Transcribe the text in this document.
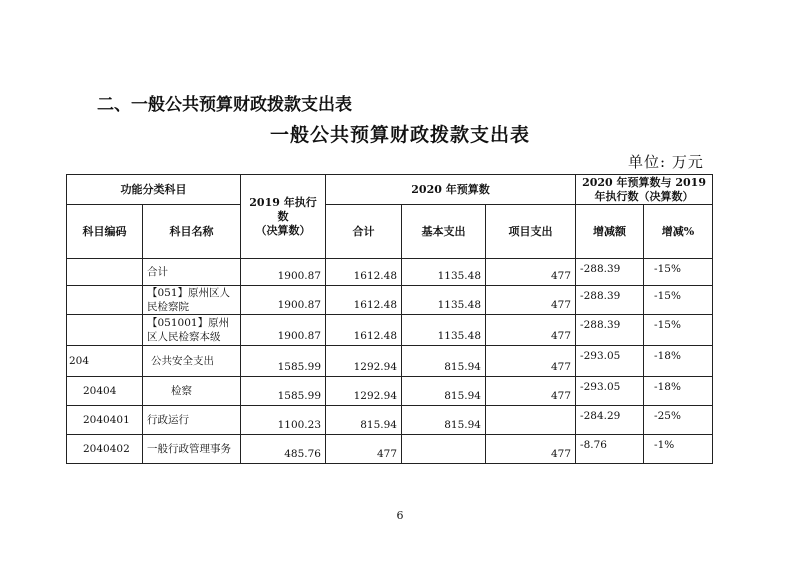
二、一般公共预算财政拨款支出表
一般公共预算财政拨款支出表
单位: 万元
功能分类科目		2019 年执行数
（决算数）	2020 年预算数			2020 年预算数与 2019 年执行数（决算数）	
科目编码	科目名称		合计	基本支出	项目支出	增减额	增减%
	合计	1900.87	1612.48	1135.48	477	-288.39	-15%
	【051】原州区人民检察院	1900.87	1612.48	1135.48	477	-288.39	-15%
	【051001】原州区人民检察本级	1900.87	1612.48	1135.48	477	-288.39	-15%
204	公共安全支出	1585.99	1292.94	815.94	477	-293.05	-18%
20404	检察	1585.99	1292.94	815.94	477	-293.05	-18%
2040401	行政运行	1100.23	815.94	815.94		-284.29	-25%
2040402	一般行政管理事务	485.76	477		477	-8.76	-1%
6
